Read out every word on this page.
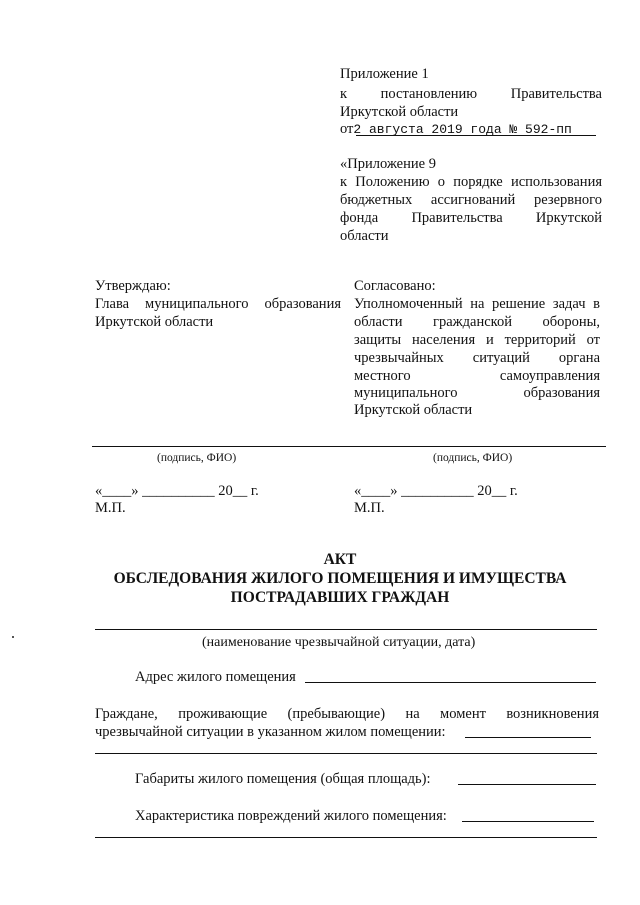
Приложение 1
к постановлению Правительства
Иркутской области
от2 августа 2019 года № 592-пп
«Приложение 9
к Положению о порядке использования
бюджетных ассигнований резервного
фонда Правительства Иркутской
области
Утверждаю:
Глава муниципального образования
Иркутской области
Согласовано:
Уполномоченный на решение задач в
области гражданской обороны,
защиты населения и территорий от
чрезвычайных ситуаций органа
местного самоуправления
муниципального образования
Иркутской области
(подпись, ФИО)	(подпись, ФИО)
«____» __________ 20__ г.	«____» __________ 20__ г.
М.П.	М.П.
АКТ
ОБСЛЕДОВАНИЯ ЖИЛОГО ПОМЕЩЕНИЯ И ИМУЩЕСТВА
ПОСТРАДАВШИХ ГРАЖДАН
(наименование чрезвычайной ситуации, дата)
Адрес жилого помещения
Граждане, проживающие (пребывающие) на момент возникновения
чрезвычайной ситуации в указанном жилом помещении:
Габариты жилого помещения (общая площадь):
Характеристика повреждений жилого помещения:
